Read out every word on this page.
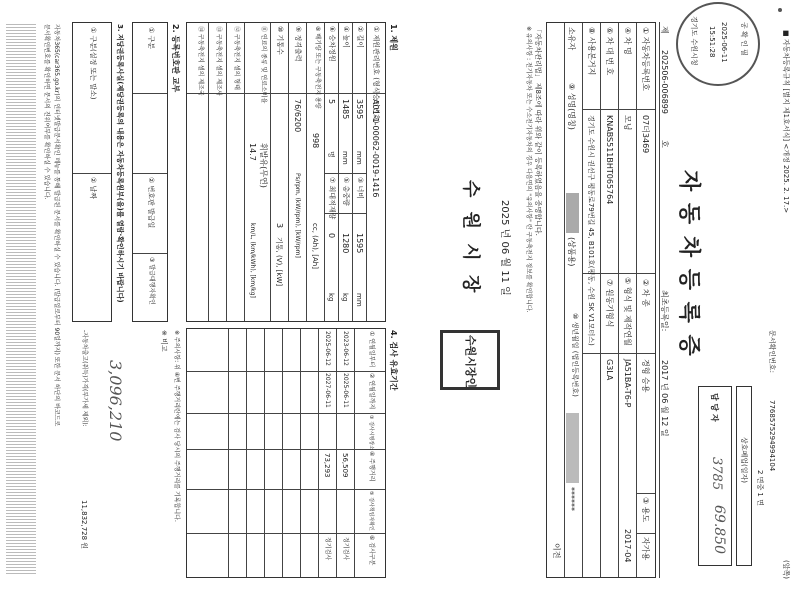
■ 자동차등록규칙 [별지 제1호서식] <개정 2025. 2. 17.>
문서확인번호:
7768575294994104
2 면중 1 면
(앞쪽)
상호폐업(일자)
담 당 자
3785
69.850
자 동 차 등 록 증
제
202506-006899
호
최초등록일:
2017 년 06 월 12 일
① 자동차등록번호
07더3469
② 차 종
경형 승용
③ 용도
자가용
④ 차 명
모닝
⑤ 형식 및 제작연월
JA51BA-T6-P
2017-04
⑥ 차 대 번 호
KNABS511BHT065764
⑦ 원동기형식
G3LA
⑧ 사용본거지
경기도 수원시 권선구 평동로79번길 45, B101호(평동, 수원 SK V1모터스)
소유자
⑨ 성명(명칭)
(상품용)
⑩ 생년월일 (법인등록번호)
******
이전
「자동차관리법」 제8조에 따라 위와 같이 등록하였음을 증명합니다.
※ 유의사항 : 전기자동차 또는 수소전기자동차의 경우 다음면의 "유의사항" 란 구동축전지 정보를 확인합니다.
2025 년 06 월 11 일
수 원 시 장
수원시장인
공 확 인 필
2025-06-11
15:51:28
경기도 수원시청
1. 제원
① 제원관리번호 (형식승인번호)
A01-1-00062-0019-1416
② 길이
3595
mm
③ 너비
1595
mm
④ 높이
1485
mm
⑤ 총중량
1280
kg
⑥ 승차정원
5
명
⑦ 최대적재량
0
kg
⑧ 배기량 또는 구동축전지 용량
998
cc, (Ah), [Ah]
⑨ 정격출력
76/6200
Ps/rpm, (kW/rpm), [kW/rpm]
⑩ 기통수
3
기통, (V), [kW]
⑪ 연료의 종류 및 연료소비율
휘발유(무연)
14.7
km/L, (km/kWh), [km/kg]
⑫ 구동축전지 셀의 형태
⑬ 구동축전지 셀의 제조사
⑭ 구동축전지 셀의 제조국
2. 등록번호판 교부
① 구분
② 번호판 발급일
③ 발급대행자확인
3. 저당권등록사실(제당권등록의 내용은 자동차등록원부(을)를 열람·확인하시기 바랍니다)
① 구분(설정 또는 말소)
② 날짜
4. 검사 유효기간
① 연월일부터
② 연월일까지
③ 검사시행장소
④ 주행거리
⑤ 검사책임자확인
⑥ 검사구분
2023-06-12
2025-06-11
56,509
정기검사
2025-06-12
2027-06-11
73,293
정기검사
※ 주의사항: 위 ④번 주행거리란에는 검사 당시의 주행거리를 기록합니다.
※ 비고
3,096,210
-자동차출고(취득)가격(부가세 제외):
11,832,728 원
자동차365(car365.go.kr)의 인터넷발급문서확인 메뉴를 통해 발급된 문서를 확인하실 수 있습니다. (발급일로부터 90일까지) 또한 문서 하단의 바코드로
문서확인번호를 확인하면 문서의 진위여부를 확인하실 수 있습니다.
